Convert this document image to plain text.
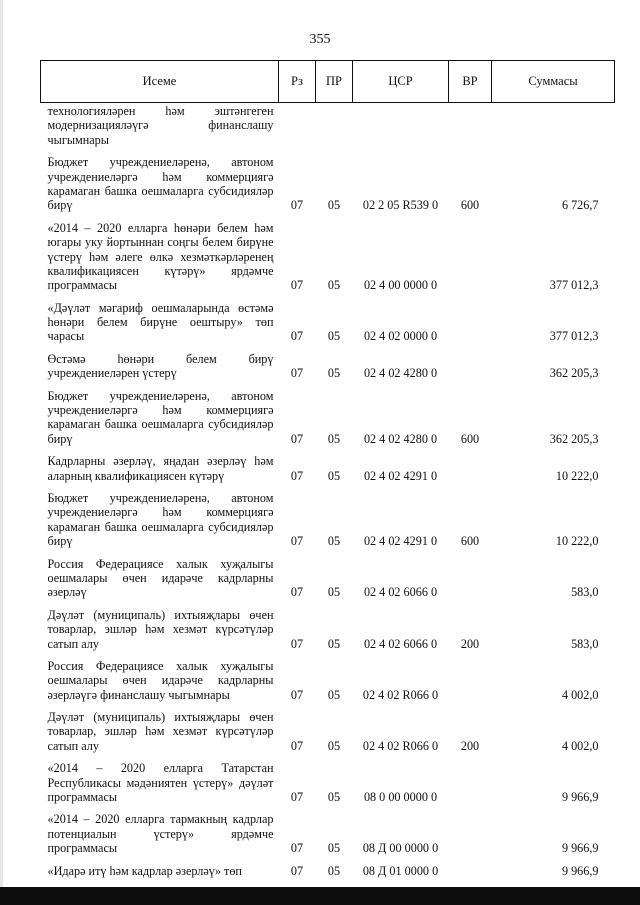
355
Исеме	Рз	ПР	ЦСР	ВР	Суммасы
технологияләрен һәм эштәнгеген модернизацияләүгә финанслашу чыгымнары					
Бюджет учреждениеләренә, автоном учреждениеләргә һәм коммерциягә карамаган башка оешмаларга субсидияләр бирү	07	05	02 2 05 R539 0	600	6 726,7
«2014 – 2020 елларга һөнәри белем һәм югары уку йортыннан соңгы белем бирүне үстерү һәм әлеге өлкә хезмәткәрләренең квалификациясен күтәрү» ярдәмче программасы	07	05	02 4 00 0000 0		377 012,3
«Дәүләт мәгариф оешмаларында өстәмә һөнәри белем бирүне оештыру» төп чарасы	07	05	02 4 02 0000 0		377 012,3
Өстәмә һөнәри белем бирү учреждениеләрен үстерү	07	05	02 4 02 4280 0		362 205,3
Бюджет учреждениеләренә, автоном учреждениеләргә һәм коммерциягә карамаган башка оешмаларга субсидияләр бирү	07	05	02 4 02 4280 0	600	362 205,3
Кадрларны әзерләү, яңадан әзерләү һәм аларның квалификациясен күтәрү	07	05	02 4 02 4291 0		10 222,0
Бюджет учреждениеләренә, автоном учреждениеләргә һәм коммерциягә карамаган башка оешмаларга субсидияләр бирү	07	05	02 4 02 4291 0	600	10 222,0
Россия Федерациясе халык хуҗалыгы оешмалары өчен идарәче кадрларны әзерләү	07	05	02 4 02 6066 0		583,0
Дәүләт (муниципаль) ихтыяҗлары өчен товарлар, эшләр һәм хезмәт күрсәтүләр сатып алу	07	05	02 4 02 6066 0	200	583,0
Россия Федерациясе халык хуҗалыгы оешмалары өчен идарәче кадрларны әзерләүгә финанслашу чыгымнары	07	05	02 4 02 R066 0		4 002,0
Дәүләт (муниципаль) ихтыяҗлары өчен товарлар, эшләр һәм хезмәт күрсәтүләр сатып алу	07	05	02 4 02 R066 0	200	4 002,0
«2014 – 2020 елларга Татарстан Республикасы мәдәниятен үстерү» дәүләт программасы	07	05	08 0 00 0000 0		9 966,9
«2014 – 2020 елларга тармакның кадрлар потенциалын үстерү» ярдәмче программасы	07	05	08 Д 00 0000 0		9 966,9
«Идарә итү һәм кадрлар әзерләү» төп	07	05	08 Д 01 0000 0		9 966,9
